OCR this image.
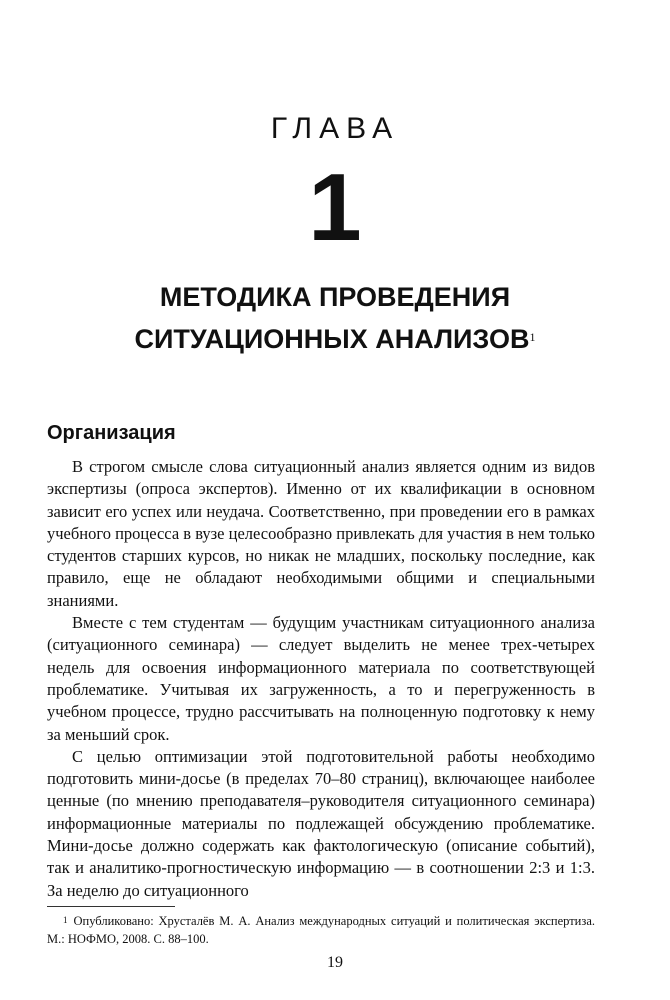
ГЛАВА
1
МЕТОДИКА ПРОВЕДЕНИЯ
СИТУАЦИОННЫХ АНАЛИЗОВ$^1$
Организация

В строгом смысле слова ситуационный анализ является одним из видов экспертизы (опроса экспертов). Именно от их квалификации в основном зависит его успех или неудача. Соответственно, при проведении его в рамках учебного процесса в вузе целесообразно привлекать для участия в нем только студентов старших курсов, но никак не младших, поскольку последние, как правило, еще не обладают необходимыми общими и специальными знаниями.

Вместе с тем студентам — будущим участникам ситуационного анализа (ситуационного семинара) — следует выделить не менее трех-четырех недель для освоения информационного материала по соответствующей проблематике. Учитывая их загруженность, а то и перегруженность в учебном процессе, трудно рассчитывать на полноценную подготовку к нему за меньший срок.

С целью оптимизации этой подготовительной работы необходимо подготовить мини-досье (в пределах 70–80 страниц), включающее наиболее ценные (по мнению преподавателя–руководителя ситуационного семинара) информационные материалы по подлежащей обсуждению проблематике. Мини-досье должно содержать как фактологическую (описание событий), так и аналитико-прогностическую информацию — в соотношении 2:3 и 1:3. За неделю до ситуационного

$^1$ Опубликовано: Хрусталёв М. А. Анализ международных ситуаций и политическая экспертиза. М.: НОФМО, 2008. С. 88–100.

19
